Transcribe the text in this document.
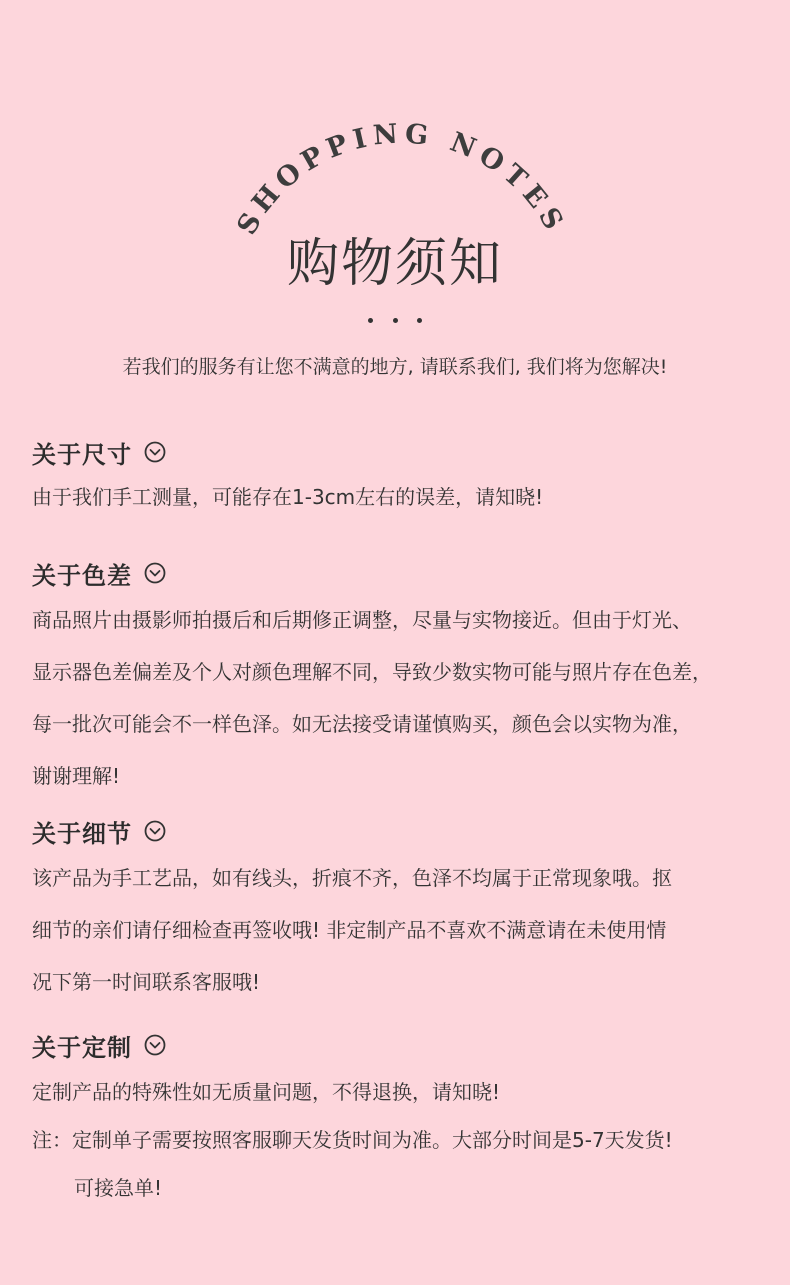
SHOPPING NOTES
购物须知
若我们的服务有让您不满意的地方, 请联系我们, 我们将为您解决!
关于尺寸
由于我们手工测量，可能存在1-3cm左右的误差，请知晓!
关于色差
商品照片由摄影师拍摄后和后期修正调整，尽量与实物接近。但由于灯光、
显示器色差偏差及个人对颜色理解不同，导致少数实物可能与照片存在色差，
每一批次可能会不一样色泽。如无法接受请谨慎购买，颜色会以实物为准，
谢谢理解!
关于细节
该产品为手工艺品，如有线头，折痕不齐，色泽不均属于正常现象哦。抠
细节的亲们请仔细检查再签收哦! 非定制产品不喜欢不满意请在未使用情
况下第一时间联系客服哦!
关于定制
定制产品的特殊性如无质量问题，不得退换，请知晓!
注：定制单子需要按照客服聊天发货时间为准。大部分时间是5-7天发货!
可接急单!
